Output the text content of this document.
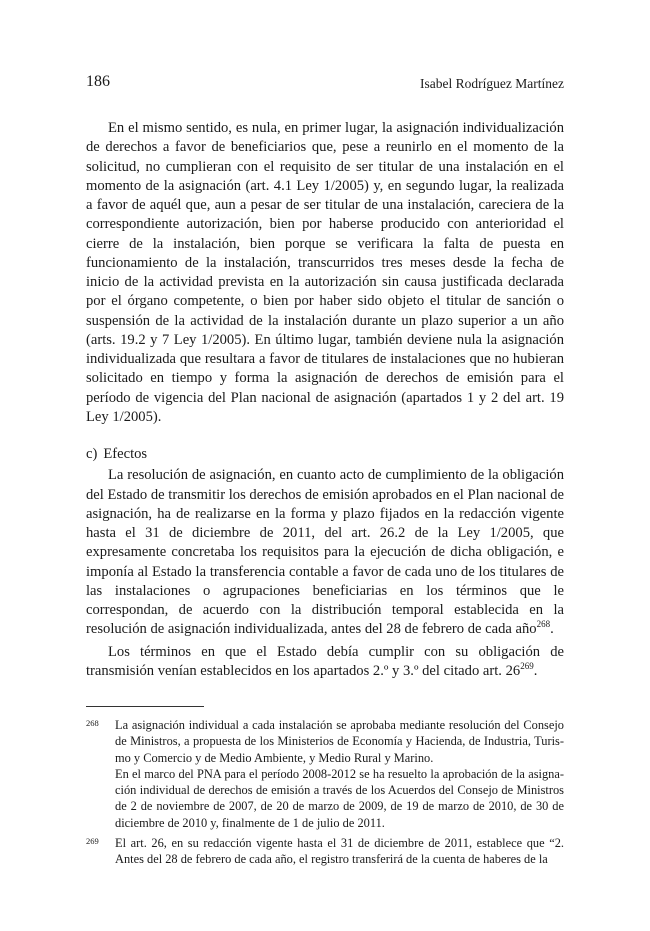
186	Isabel Rodríguez Martínez

En el mismo sentido, es nula, en primer lugar, la asignación individualización de derechos a favor de beneficiarios que, pese a reunirlo en el momento de la solicitud, no cumplieran con el requisito de ser titular de una instalación en el momento de la asignación (art. 4.1 Ley 1/2005) y, en segundo lugar, la realizada a favor de aquél que, aun a pesar de ser titular de una instalación, careciera de la correspondiente autorización, bien por haberse producido con anterioridad el cierre de la instalación, bien porque se verificara la falta de puesta en funcionamiento de la instalación, transcurridos tres meses desde la fecha de inicio de la actividad prevista en la autorización sin causa justificada declarada por el órgano competente, o bien por haber sido objeto el titular de sanción o suspensión de la actividad de la instalación durante un plazo superior a un año (arts. 19.2 y 7 Ley 1/2005). En último lugar, también deviene nula la asignación individualizada que resultara a favor de titulares de instalaciones que no hubieran solicitado en tiempo y forma la asignación de derechos de emisión para el período de vigencia del Plan nacional de asignación (apartados 1 y 2 del art. 19 Ley 1/2005).

c) Efectos

La resolución de asignación, en cuanto acto de cumplimiento de la obligación del Estado de transmitir los derechos de emisión aprobados en el Plan nacional de asignación, ha de realizarse en la forma y plazo fijados en la redacción vigente hasta el 31 de diciembre de 2011, del art. 26.2 de la Ley 1/2005, que expresamente concretaba los requisitos para la ejecución de dicha obligación, e imponía al Estado la transferencia contable a favor de cada uno de los titulares de las instalaciones o agrupaciones beneficiarias en los términos que le correspondan, de acuerdo con la distribución temporal establecida en la resolución de asignación individualizada, antes del 28 de febrero de cada año$^{268}$.

Los términos en que el Estado debía cumplir con su obligación de transmisión venían establecidos en los apartados 2.º y 3.º del citado art. $26^{269}$.

268 La asignación individual a cada instalación se aprobaba mediante resolución del Consejo de Ministros, a propuesta de los Ministerios de Economía y Hacienda, de Industria, Turismo y Comercio y de Medio Ambiente, y Medio Rural y Marino.
En el marco del PNA para el período 2008-2012 se ha resuelto la aprobación de la asignación individual de derechos de emisión a través de los Acuerdos del Consejo de Ministros de 2 de noviembre de 2007, de 20 de marzo de 2009, de 19 de marzo de 2010, de 30 de diciembre de 2010 y, finalmente de 1 de julio de 2011.
269 El art. 26, en su redacción vigente hasta el 31 de diciembre de 2011, establece que “2. Antes del 28 de febrero de cada año, el registro transferirá de la cuenta de haberes de la
